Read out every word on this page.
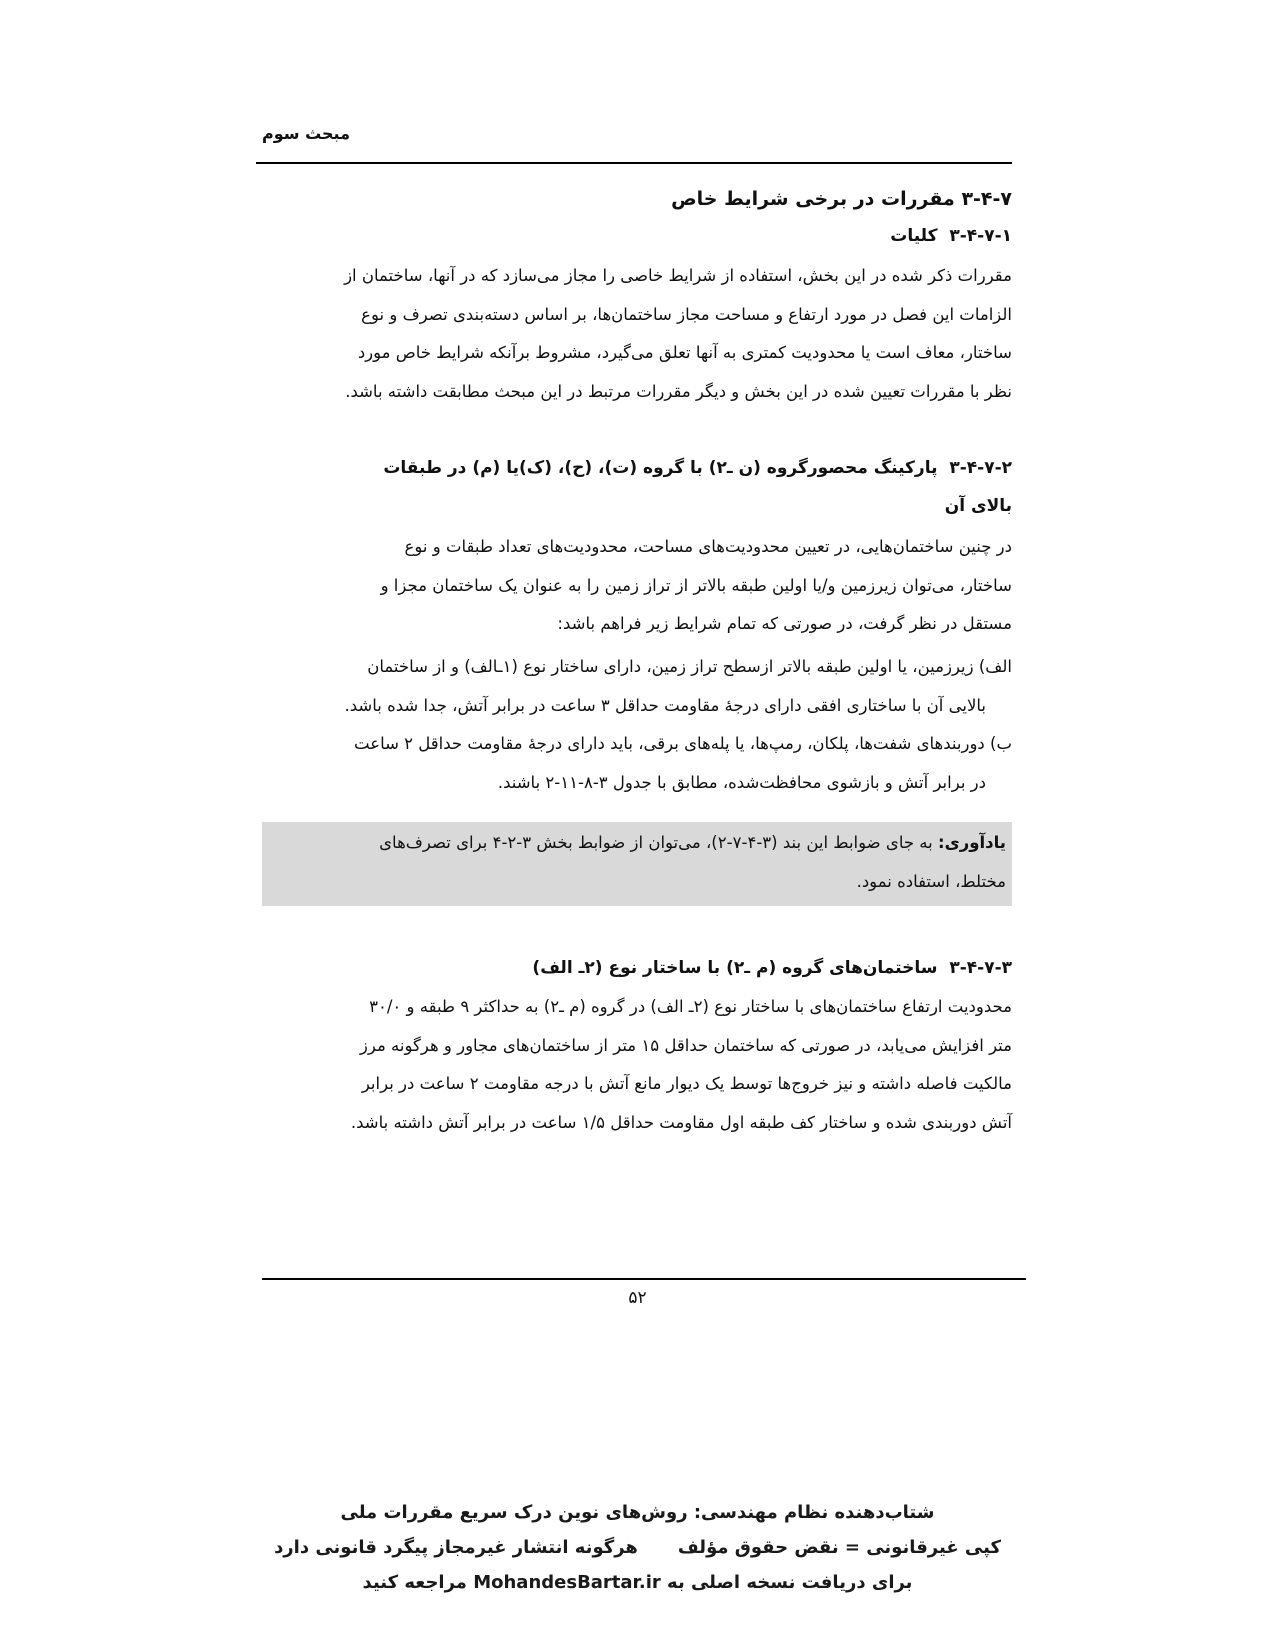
مبحث سوم
۳-۴-۷ مقررات در برخی شرایط خاص
۳-۴-۷-۱  کلیات
مقررات ذکر شده در این بخش، استفاده از شرایط خاصی را مجاز می‌سازد که در آنها، ساختمان از
الزامات این فصل در مورد ارتفاع و مساحت مجاز ساختمان‌ها، بر اساس دسته‌بندی تصرف و نوع
ساختار، معاف است یا محدودیت کمتری به آنها تعلق می‌گیرد، مشروط برآنکه شرایط خاص مورد
نظر با مقررات تعیین شده در این بخش و دیگر مقررات مرتبط در این مبحث مطابقت داشته باشد.
۳-۴-۷-۲  پارکینگ محصورگروه (ن ـ۲) با گروه (ت)، (ح)، (ک)یا (م) در طبقات
بالای آن
در چنین ساختمان‌هایی، در تعیین محدودیت‌های مساحت، محدودیت‌های تعداد طبقات و نوع
ساختار، می‌توان زیرزمین و/یا اولین طبقه بالاتر از تراز زمین را به عنوان یک ساختمان مجزا و
مستقل در نظر گرفت، در صورتی که تمام شرایط زیر فراهم باشد:
الف) زیرزمین، یا اولین طبقه بالاتر ازسطح تراز زمین، دارای ساختار نوع (۱ـالف) و از ساختمان
بالایی آن با ساختاری افقی دارای درجهٔ مقاومت حداقل ۳ ساعت در برابر آتش، جدا شده باشد.
ب) دوربندهای شفت‌ها، پلکان، رمپ‌ها، یا پله‌های برقی، باید دارای درجهٔ مقاومت حداقل ۲ ساعت
در برابر آتش و بازشوی محافظت‌شده، مطابق با جدول ۳-۸-۱۱-۲ باشند.
یادآوری: به جای ضوابط این بند (۳-۴-۷-۲)، می‌توان از ضوابط بخش ۳-۲-۴ برای تصرف‌های
مختلط، استفاده نمود.
۳-۴-۷-۳  ساختمان‌های گروه (م ـ۲) با ساختار نوع (۲ـ الف)
محدودیت ارتفاع ساختمان‌های با ساختار نوع (۲ـ الف) در گروه (م ـ۲) به حداکثر ۹ طبقه و ۳۰/۰
متر افزایش می‌یابد، در صورتی که ساختمان حداقل ۱۵ متر از ساختمان‌های مجاور و هرگونه مرز
مالکیت فاصله داشته و نیز خروج‌ها توسط یک دیوار مانع آتش با درجه مقاومت ۲ ساعت در برابر
آتش دوربندی شده و ساختار کف طبقه اول مقاومت حداقل ۱/۵ ساعت در برابر آتش داشته باشد.
۵۲
شتاب‌دهنده نظام مهندسی: روش‌های نوین درک سریع مقررات ملی
کپی غیرقانونی = نقض حقوق مؤلفهرگونه انتشار غیرمجاز پیگرد قانونی دارد
برای دریافت نسخه اصلی به MohandesBartar.ir مراجعه کنید
